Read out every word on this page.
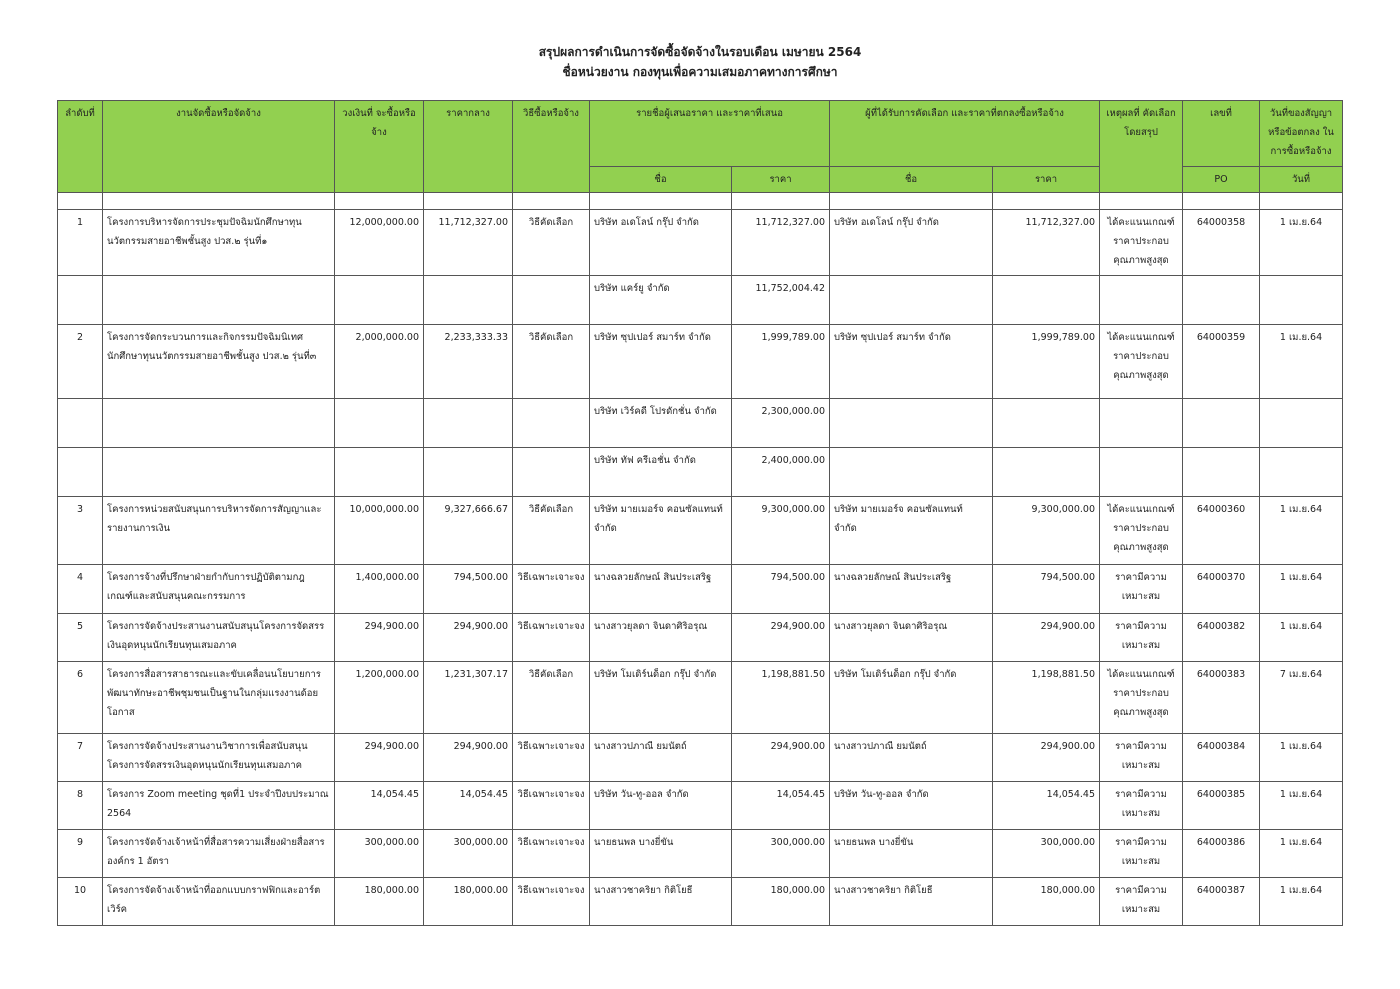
สรุปผลการดำเนินการจัดซื้อจัดจ้างในรอบเดือน เมษายน 2564
ชื่อหน่วยงาน กองทุนเพื่อความเสมอภาคทางการศึกษา
ลำดับที่	งานจัดซื้อหรือจัดจ้าง	วงเงินที่ จะซื้อหรือจ้าง	ราคากลาง	วิธีซื้อหรือจ้าง	รายชื่อผู้เสนอราคา และราคาที่เสนอ		ผู้ที่ได้รับการคัดเลือก และราคาที่ตกลงซื้อหรือจ้าง		เหตุผลที่ คัดเลือกโดยสรุป	เลขที่	วันที่ของสัญญา หรือข้อตกลง ในการซื้อหรือจ้าง
					ชื่อ	ราคา	ชื่อ	ราคา		PO	วันที่

1	โครงการบริหารจัดการประชุมปัจฉิมนักศึกษาทุนนวัตกรรมสายอาชีพชั้นสูง ปวส.๒ รุ่นที่๑	12,000,000.00	11,712,327.00	วิธีคัดเลือก	บริษัท อเดโลน์ กรุ๊ป จำกัด	11,712,327.00	บริษัท อเดโลน์ กรุ๊ป จำกัด	11,712,327.00	ได้คะแนนเกณฑ์ราคาประกอบคุณภาพสูงสุด	64000358	1 เม.ย.64
					บริษัท แคร์ยู จำกัด	11,752,004.42					
2	โครงการจัดกระบวนการและกิจกรรมปัจฉิมนิเทศนักศึกษาทุนนวัตกรรมสายอาชีพชั้นสูง ปวส.๒ รุ่นที่๓	2,000,000.00	2,233,333.33	วิธีคัดเลือก	บริษัท ซุปเปอร์ สมาร์ท จำกัด	1,999,789.00	บริษัท ซุปเปอร์ สมาร์ท จำกัด	1,999,789.00	ได้คะแนนเกณฑ์ราคาประกอบคุณภาพสูงสุด	64000359	1 เม.ย.64
					บริษัท เวิร์คดี โปรดักชั่น จำกัด	2,300,000.00					
					บริษัท ทัฟ ครีเอชั่น จำกัด	2,400,000.00					
3	โครงการหน่วยสนับสนุนการบริหารจัดการสัญญาและรายงานการเงิน	10,000,000.00	9,327,666.67	วิธีคัดเลือก	บริษัท มายเมอร์จ คอนซัลแทนท์ จำกัด	9,300,000.00	บริษัท มายเมอร์จ คอนซัลแทนท์ จำกัด	9,300,000.00	ได้คะแนนเกณฑ์ราคาประกอบคุณภาพสูงสุด	64000360	1 เม.ย.64
4	โครงการจ้างที่ปรึกษาฝ่ายกำกับการปฏิบัติตามกฎเกณฑ์และสนับสนุนคณะกรรมการ	1,400,000.00	794,500.00	วิธีเฉพาะเจาะจง	นางฉลวยลักษณ์ สินประเสริฐ	794,500.00	นางฉลวยลักษณ์ สินประเสริฐ	794,500.00	ราคามีความเหมาะสม	64000370	1 เม.ย.64
5	โครงการจัดจ้างประสานงานสนับสนุนโครงการจัดสรรเงินอุดหนุนนักเรียนทุนเสมอภาค	294,900.00	294,900.00	วิธีเฉพาะเจาะจง	นางสาวยุลดา จินดาศิริอรุณ	294,900.00	นางสาวยุลดา จินดาศิริอรุณ	294,900.00	ราคามีความเหมาะสม	64000382	1 เม.ย.64
6	โครงการสื่อสารสาธารณะและขับเคลื่อนนโยบายการพัฒนาทักษะอาชีพชุมชนเป็นฐานในกลุ่มแรงงานด้อยโอกาส	1,200,000.00	1,231,307.17	วิธีคัดเลือก	บริษัท โมเดิร์นด็อก กรุ๊ป จำกัด	1,198,881.50	บริษัท โมเดิร์นด็อก กรุ๊ป จำกัด	1,198,881.50	ได้คะแนนเกณฑ์ราคาประกอบคุณภาพสูงสุด	64000383	7 เม.ย.64
7	โครงการจัดจ้างประสานงานวิชาการเพื่อสนับสนุนโครงการจัดสรรเงินอุดหนุนนักเรียนทุนเสมอภาค	294,900.00	294,900.00	วิธีเฉพาะเจาะจง	นางสาวปภาณี ยมนัตถ์	294,900.00	นางสาวปภาณี ยมนัตถ์	294,900.00	ราคามีความเหมาะสม	64000384	1 เม.ย.64
8	โครงการ Zoom meeting ชุดที่1 ประจำปีงบประมาณ 2564	14,054.45	14,054.45	วิธีเฉพาะเจาะจง	บริษัท วัน-ทู-ออล จำกัด	14,054.45	บริษัท วัน-ทู-ออล จำกัด	14,054.45	ราคามีความเหมาะสม	64000385	1 เม.ย.64
9	โครงการจัดจ้างเจ้าหน้าที่สื่อสารความเสี่ยงฝ่ายสื่อสารองค์กร 1 อัตรา	300,000.00	300,000.00	วิธีเฉพาะเจาะจง	นายธนพล บางยี่ขัน	300,000.00	นายธนพล บางยี่ขัน	300,000.00	ราคามีความเหมาะสม	64000386	1 เม.ย.64
10	โครงการจัดจ้างเจ้าหน้าที่ออกแบบกราฟฟิกและอาร์ตเวิร์ค	180,000.00	180,000.00	วิธีเฉพาะเจาะจง	นางสาวชาคริยา กิติโยธี	180,000.00	นางสาวชาคริยา กิติโยธี	180,000.00	ราคามีความเหมาะสม	64000387	1 เม.ย.64
